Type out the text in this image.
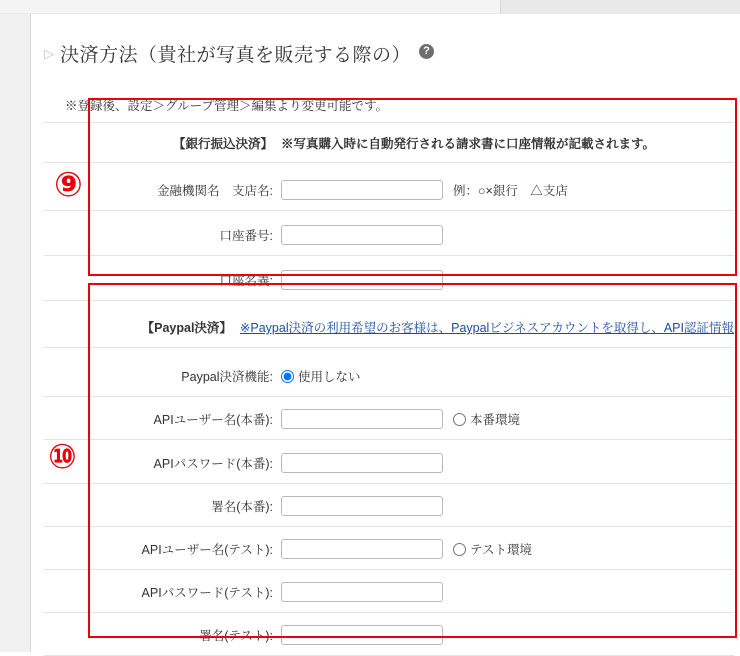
▷ 決済方法（貴社が写真を販売する際の）	?
※登録後、設定＞グループ管理＞編集より変更可能です。
【銀行振込決済】 ※写真購入時に自動発行される請求書に口座情報が記載されます。
金融機関名　支店名:	例：○×銀行　△支店
口座番号:
口座名義:
【Paypal決済】 ※Paypal決済の利用希望のお客様は、Paypalビジネスアカウントを取得し、API認証情報
Paypal決済機能:	使用しない
APIユーザー名(本番):	本番環境
APIパスワード(本番):
署名(本番):
APIユーザー名(テスト):	テスト環境
APIパスワード(テスト):
署名(テスト):
⑨
⑩
